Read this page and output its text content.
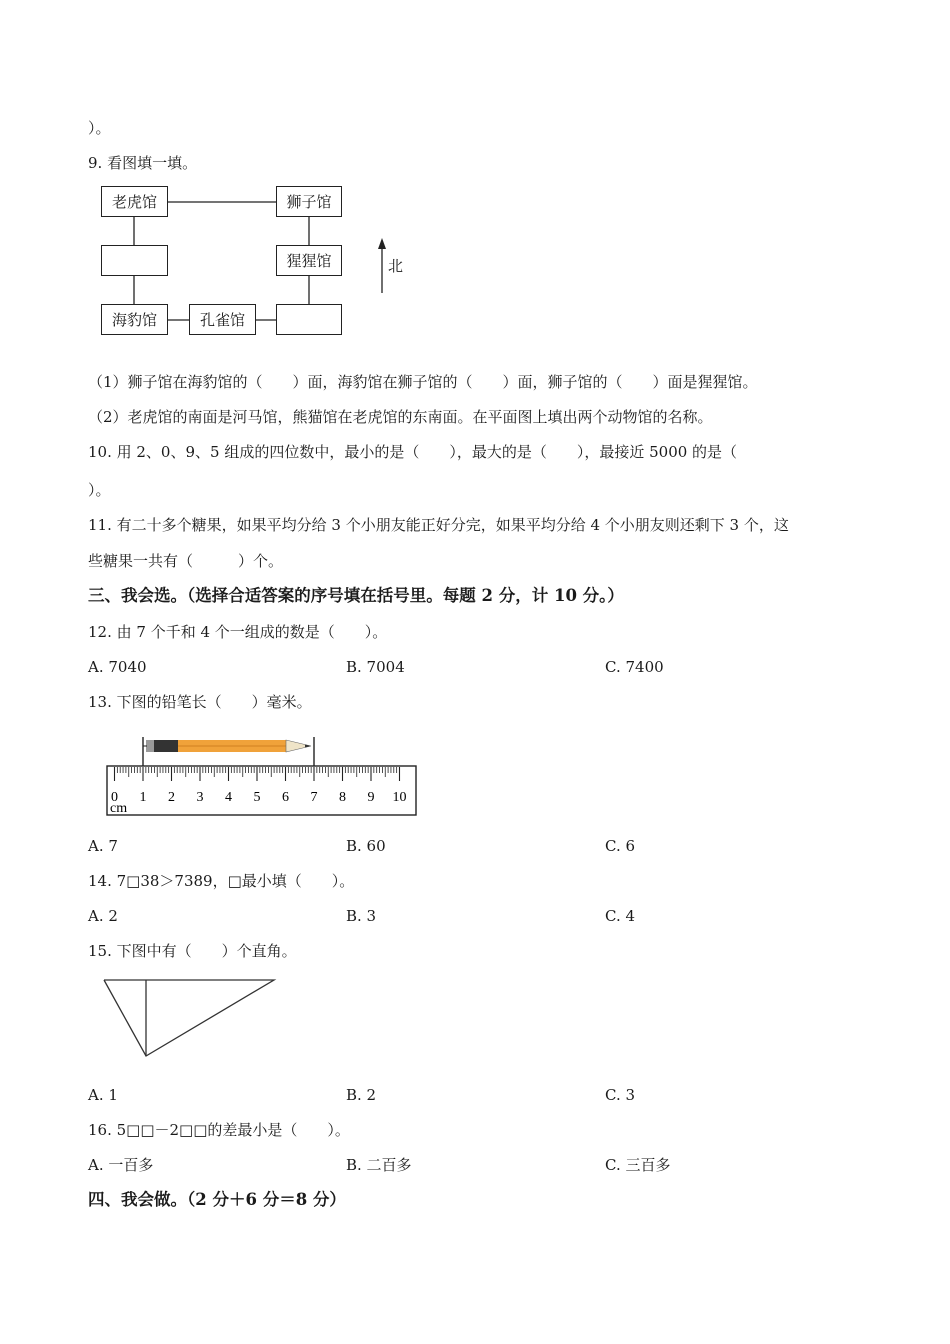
）。
9. 看图填一填。
老虎馆	狮子馆
猩猩馆
海豹馆	孔雀馆
北
（1）狮子馆在海豹馆的（　　）面，海豹馆在狮子馆的（　　）面，狮子馆的（　　）面是猩猩馆。
（2）老虎馆的南面是河马馆，熊猫馆在老虎馆的东南面。在平面图上填出两个动物馆的名称。
10. 用 2、0、9、5 组成的四位数中，最小的是（　　），最大的是（　　），最接近 5000 的是（
）。
11. 有二十多个糖果，如果平均分给 3 个小朋友能正好分完，如果平均分给 4 个小朋友则还剩下 3 个，这
些糖果一共有（　　　）个。
三、我会选。（选择合适答案的序号填在括号里。每题 2 分，计 10 分。）
12. 由 7 个千和 4 个一组成的数是（　　）。
A. 7040	B. 7004	C. 7400
13. 下图的铅笔长（　　）毫米。
0 1 2 3 4 5 6 7 8 9 10
cm
A. 7	B. 60	C. 6
14. 7□38＞7389，□最小填（　　）。
A. 2	B. 3	C. 4
15. 下图中有（　　）个直角。
A. 1	B. 2	C. 3
16. 5□□－2□□的差最小是（　　）。
A. 一百多	B. 二百多	C. 三百多
四、我会做。（2 分＋6 分＝8 分）
